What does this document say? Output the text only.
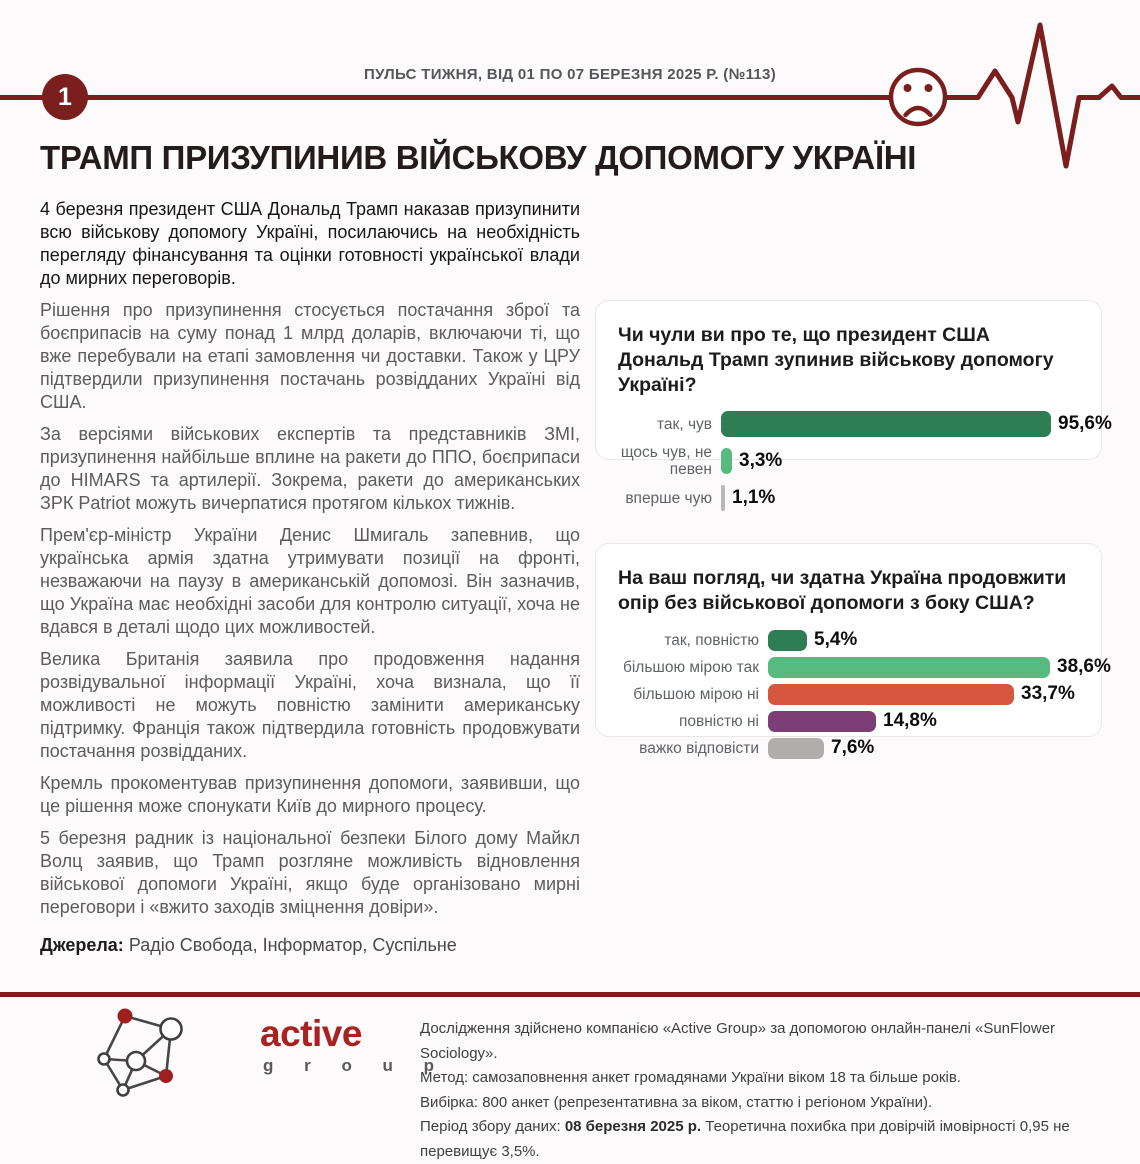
ПУЛЬС ТИЖНЯ, ВІД 01 ПО 07 БЕРЕЗНЯ 2025 Р. (№113)
1
ТРАМП ПРИЗУПИНИВ ВІЙСЬКОВУ ДОПОМОГУ УКРАЇНІ

4 березня президент США Дональд Трамп наказав призупинити всю військову допомогу Україні, посилаючись на необхідність перегляду фінансування та оцінки готовності української влади до мирних переговорів.

Рішення про призупинення стосується постачання зброї та боєприпасів на суму понад 1 млрд доларів, включаючи ті, що вже перебували на етапі замовлення чи доставки. Також у ЦРУ підтвердили призупинення постачань розвідданих Україні від США.

За версіями військових експертів та представників ЗМІ, призупинення найбільше вплине на ракети до ППО, боєприпаси до HIMARS та артилерії. Зокрема, ракети до американських ЗРК Patriot можуть вичерпатися протягом кількох тижнів.

Прем'єр-міністр України Денис Шмигаль запевнив, що українська армія здатна утримувати позиції на фронті, незважаючи на паузу в американській допомозі. Він зазначив, що Україна має необхідні засоби для контролю ситуації, хоча не вдався в деталі щодо цих можливостей.

Велика Британія заявила про продовження надання розвідувальної інформації Україні, хоча визнала, що її можливості не можуть повністю замінити американську підтримку. Франція також підтвердила готовність продовжувати постачання розвідданих.

Кремль прокоментував призупинення допомоги, заявивши, що це рішення може спонукати Київ до мирного процесу.

5 березня радник із національної безпеки Білого дому Майкл Волц заявив, що Трамп розгляне можливість відновлення військової допомоги Україні, якщо буде організовано мирні переговори і «вжито заходів зміцнення довіри».

Джерела: Радіо Свобода, Інформатор, Суспільне
Чи чули ви про те, що президент США Дональд Трамп зупинив військову допомогу Україні?
так, чув	95,6%
щось чув, не певен	3,3%
вперше чую	1,1%
На ваш погляд, чи здатна Україна продовжити опір без військової допомоги з боку США?
так, повністю	5,4%
більшою мірою так	38,6%
більшою мірою ні	33,7%
повністю ні	14,8%
важко відповісти	7,6%
active
g r o u p
Дослідження здійснено компанією «Active Group» за допомогою онлайн-панелі «SunFlower Sociology».
Метод: самозаповнення анкет громадянами України віком 18 та більше років.
Вибірка: 800 анкет (репрезентативна за віком, статтю і регіоном України).
Період збору даних: 08 березня 2025 р. Теоретична похибка при довірчій імовірності 0,95 не перевищує 3,5%.
